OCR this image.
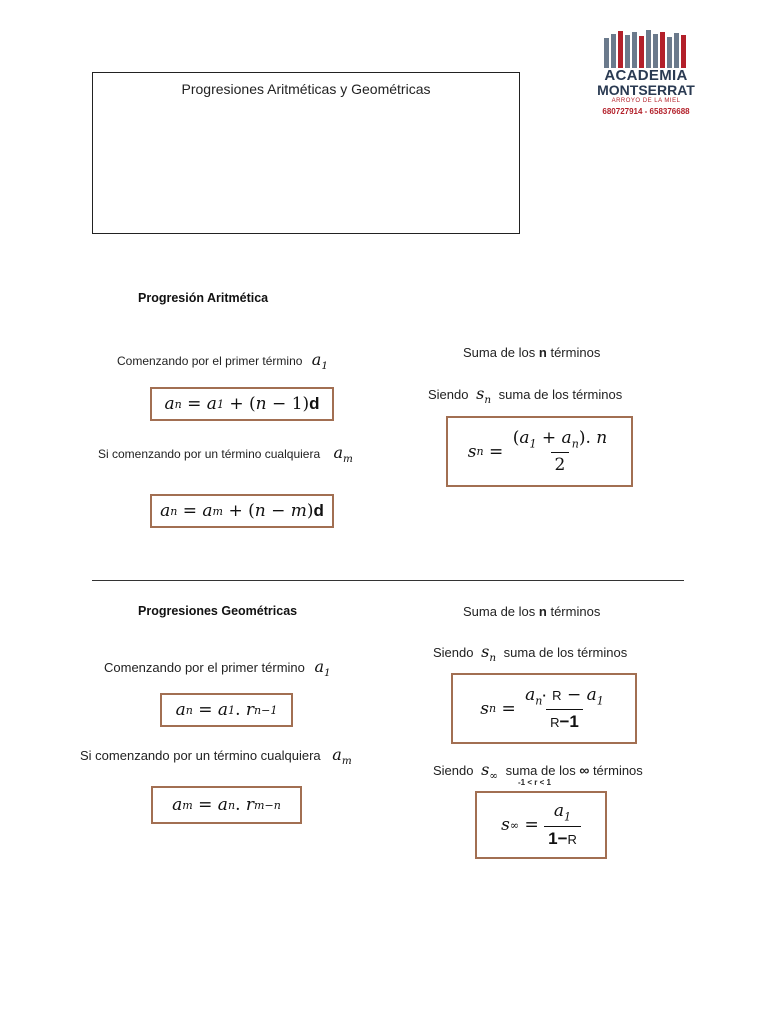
Progresiones Aritméticas y Geométricas
ACADEMIA
MONTSERRAT
ARROYO DE LA MIEL
680727914 - 658376688
Progresión Aritmética
Comenzando por el primer término $a_1$
a n
= a 1
+
( n −
1) d
Si comenzando por un término cualquiera $a_m$
a n
= a m
+
( n − m ) d
Suma de los n términos
Siendo $s_n$ suma de los términos
s n
=
$\frac{(a_1 + a_n). n}{2}$
Progresiones Geométricas
Comenzando por el primer término $a_1$
a n
= a 1 . r n−1
Si comenzando por un término cualquiera $a_m$
a m
= a n . r m−n
Suma de los n términos
Siendo $s_n$ suma de los términos
s n
=
$\frac{a_n\cdot R - a_1}{R-1}$
Siendo $s_\infty$ suma de los ∞ términos
-1 < r < 1
s ∞
=
$\frac{a_1}{1-R}$
